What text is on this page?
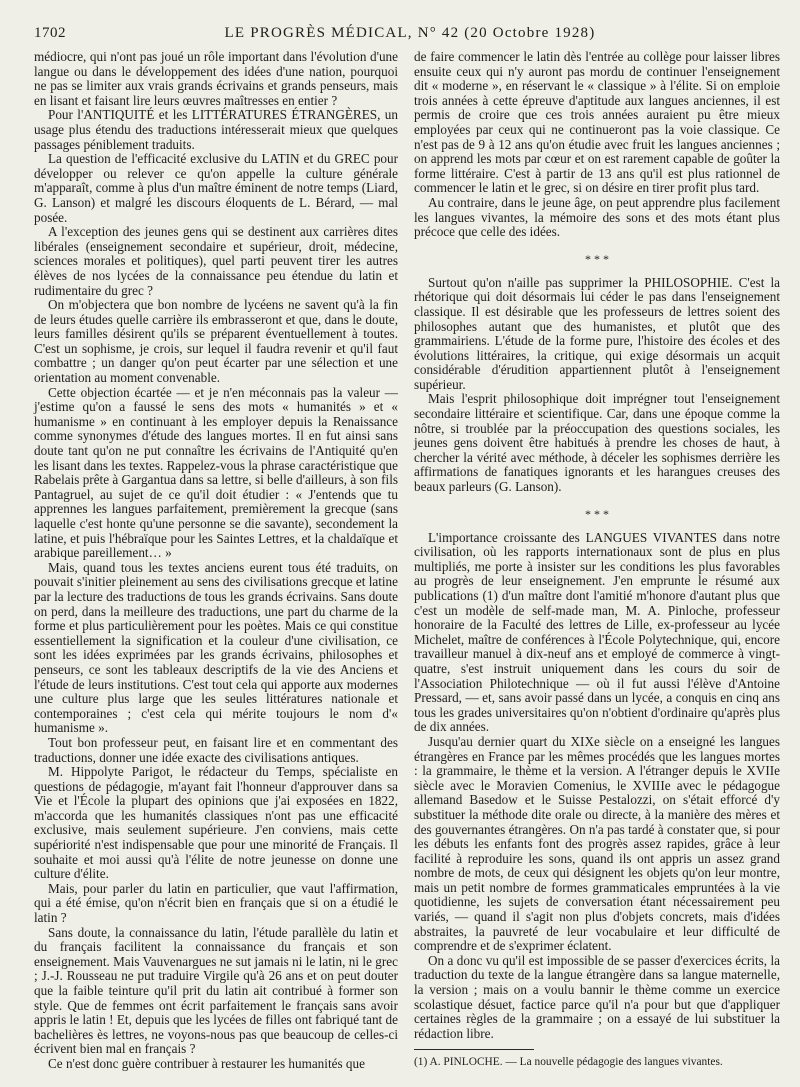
1702	LE PROGRÈS MÉDICAL, N° 42 (20 Octobre 1928)

médiocre, qui n'ont pas joué un rôle important dans l'évolution d'une langue ou dans le développement des idées d'une nation, pourquoi ne pas se limiter aux vrais grands écrivains et grands penseurs, mais en lisant et faisant lire leurs œuvres maîtresses en entier ?

Pour l'ANTIQUITÉ et les LITTÉRATURES ÉTRANGÈRES, un usage plus étendu des traductions intéresserait mieux que quelques passages péniblement traduits.

La question de l'efficacité exclusive du LATIN et du GREC pour développer ou relever ce qu'on appelle la culture générale m'apparaît, comme à plus d'un maître éminent de notre temps (Liard, G. Lanson) et malgré les discours éloquents de L. Bérard, — mal posée.

A l'exception des jeunes gens qui se destinent aux carrières dites libérales (enseignement secondaire et supérieur, droit, médecine, sciences morales et politiques), quel parti peuvent tirer les autres élèves de nos lycées de la connaissance peu étendue du latin et rudimentaire du grec ?

On m'objectera que bon nombre de lycéens ne savent qu'à la fin de leurs études quelle carrière ils embrasseront et que, dans le doute, leurs familles désirent qu'ils se préparent éventuellement à toutes. C'est un sophisme, je crois, sur lequel il faudra revenir et qu'il faut combattre ; un danger qu'on peut écarter par une sélection et une orientation au moment convenable.

Cette objection écartée — et je n'en méconnais pas la valeur — j'estime qu'on a faussé le sens des mots « humanités » et « humanisme » en continuant à les employer depuis la Renaissance comme synonymes d'étude des langues mortes. Il en fut ainsi sans doute tant qu'on ne put connaître les écrivains de l'Antiquité qu'en les lisant dans les textes. Rappelez-vous la phrase caractéristique que Rabelais prête à Gargantua dans sa lettre, si belle d'ailleurs, à son fils Pantagruel, au sujet de ce qu'il doit étudier : « J'entends que tu apprennes les langues parfaitement, premièrement la grecque (sans laquelle c'est honte qu'une personne se die savante), secondement la latine, et puis l'hébraïque pour les Saintes Lettres, et la chaldaïque et arabique pareillement… »

Mais, quand tous les textes anciens eurent tous été traduits, on pouvait s'initier pleinement au sens des civilisations grecque et latine par la lecture des traductions de tous les grands écrivains. Sans doute on perd, dans la meilleure des traductions, une part du charme de la forme et plus particulièrement pour les poètes. Mais ce qui constitue essentiellement la signification et la couleur d'une civilisation, ce sont les idées exprimées par les grands écrivains, philosophes et penseurs, ce sont les tableaux descriptifs de la vie des Anciens et l'étude de leurs institutions. C'est tout cela qui apporte aux modernes une culture plus large que les seules littératures nationale et contemporaines ; c'est cela qui mérite toujours le nom d'« humanisme ».

Tout bon professeur peut, en faisant lire et en commentant des traductions, donner une idée exacte des civilisations antiques.

M. Hippolyte Parigot, le rédacteur du Temps, spécialiste en questions de pédagogie, m'ayant fait l'honneur d'approuver dans sa Vie et l'École la plupart des opinions que j'ai exposées en 1822, m'accorda que les humanités classiques n'ont pas une efficacité exclusive, mais seulement supérieure. J'en conviens, mais cette supériorité n'est indispensable que pour une minorité de Français. Il souhaite et moi aussi qu'à l'élite de notre jeunesse on donne une culture d'élite.

Mais, pour parler du latin en particulier, que vaut l'affirmation, qui a été émise, qu'on n'écrit bien en français que si on a étudié le latin ?

Sans doute, la connaissance du latin, l'étude parallèle du latin et du français facilitent la connaissance du français et son enseignement. Mais Vauvenargues ne sut jamais ni le latin, ni le grec ; J.-J. Rousseau ne put traduire Virgile qu'à 26 ans et on peut douter que la faible teinture qu'il prit du latin ait contribué à former son style. Que de femmes ont écrit parfaitement le français sans avoir appris le latin ! Et, depuis que les lycées de filles ont fabriqué tant de bachelières ès lettres, ne voyons-nous pas que beaucoup de celles-ci écrivent bien mal en français ?

Ce n'est donc guère contribuer à restaurer les humanités que

de faire commencer le latin dès l'entrée au collège pour laisser libres ensuite ceux qui n'y auront pas mordu de continuer l'enseignement dit « moderne », en réservant le « classique » à l'élite. Si on emploie trois années à cette épreuve d'aptitude aux langues anciennes, il est permis de croire que ces trois années auraient pu être mieux employées par ceux qui ne continueront pas la voie classique. Ce n'est pas de 9 à 12 ans qu'on étudie avec fruit les langues anciennes ; on apprend les mots par cœur et on est rarement capable de goûter la forme littéraire. C'est à partir de 13 ans qu'il est plus rationnel de commencer le latin et le grec, si on désire en tirer profit plus tard.

Au contraire, dans le jeune âge, on peut apprendre plus facilement les langues vivantes, la mémoire des sons et des mots étant plus précoce que celle des idées.

* * *

Surtout qu'on n'aille pas supprimer la PHILOSOPHIE. C'est la rhétorique qui doit désormais lui céder le pas dans l'enseignement classique. Il est désirable que les professeurs de lettres soient des philosophes autant que des humanistes, et plutôt que des grammairiens. L'étude de la forme pure, l'histoire des écoles et des évolutions littéraires, la critique, qui exige désormais un acquit considérable d'érudition appartiennent plutôt à l'enseignement supérieur.

Mais l'esprit philosophique doit imprégner tout l'enseignement secondaire littéraire et scientifique. Car, dans une époque comme la nôtre, si troublée par la préoccupation des questions sociales, les jeunes gens doivent être habitués à prendre les choses de haut, à chercher la vérité avec méthode, à déceler les sophismes derrière les affirmations de fanatiques ignorants et les harangues creuses des beaux parleurs (G. Lanson).

* * *

L'importance croissante des LANGUES VIVANTES dans notre civilisation, où les rapports internationaux sont de plus en plus multipliés, me porte à insister sur les conditions les plus favorables au progrès de leur enseignement. J'en emprunte le résumé aux publications (1) d'un maître dont l'amitié m'honore d'autant plus que c'est un modèle de self-made man, M. A. Pinloche, professeur honoraire de la Faculté des lettres de Lille, ex-professeur au lycée Michelet, maître de conférences à l'École Polytechnique, qui, encore travailleur manuel à dix-neuf ans et employé de commerce à vingt-quatre, s'est instruit uniquement dans les cours du soir de l'Association Philotechnique — où il fut aussi l'élève d'Antoine Pressard, — et, sans avoir passé dans un lycée, a conquis en cinq ans tous les grades universitaires qu'on n'obtient d'ordinaire qu'après plus de dix années.

Jusqu'au dernier quart du XIXe siècle on a enseigné les langues étrangères en France par les mêmes procédés que les langues mortes : la grammaire, le thème et la version. A l'étranger depuis le XVIIe siècle avec le Moravien Comenius, le XVIIIe avec le pédagogue allemand Basedow et le Suisse Pestalozzi, on s'était efforcé d'y substituer la méthode dite orale ou directe, à la manière des mères et des gouvernantes étrangères. On n'a pas tardé à constater que, si pour les débuts les enfants font des progrès assez rapides, grâce à leur facilité à reproduire les sons, quand ils ont appris un assez grand nombre de mots, de ceux qui désignent les objets qu'on leur montre, mais un petit nombre de formes grammaticales empruntées à la vie quotidienne, les sujets de conversation étant nécessairement peu variés, — quand il s'agit non plus d'objets concrets, mais d'idées abstraites, la pauvreté de leur vocabulaire et leur difficulté de comprendre et de s'exprimer éclatent.

On a donc vu qu'il est impossible de se passer d'exercices écrits, la traduction du texte de la langue étrangère dans sa langue maternelle, la version ; mais on a voulu bannir le thème comme un exercice scolastique désuet, factice parce qu'il n'a pour but que d'appliquer certaines règles de la grammaire ; on a essayé de lui substituer la rédaction libre.

(1) A. PINLOCHE. — La nouvelle pédagogie des langues vivantes.
